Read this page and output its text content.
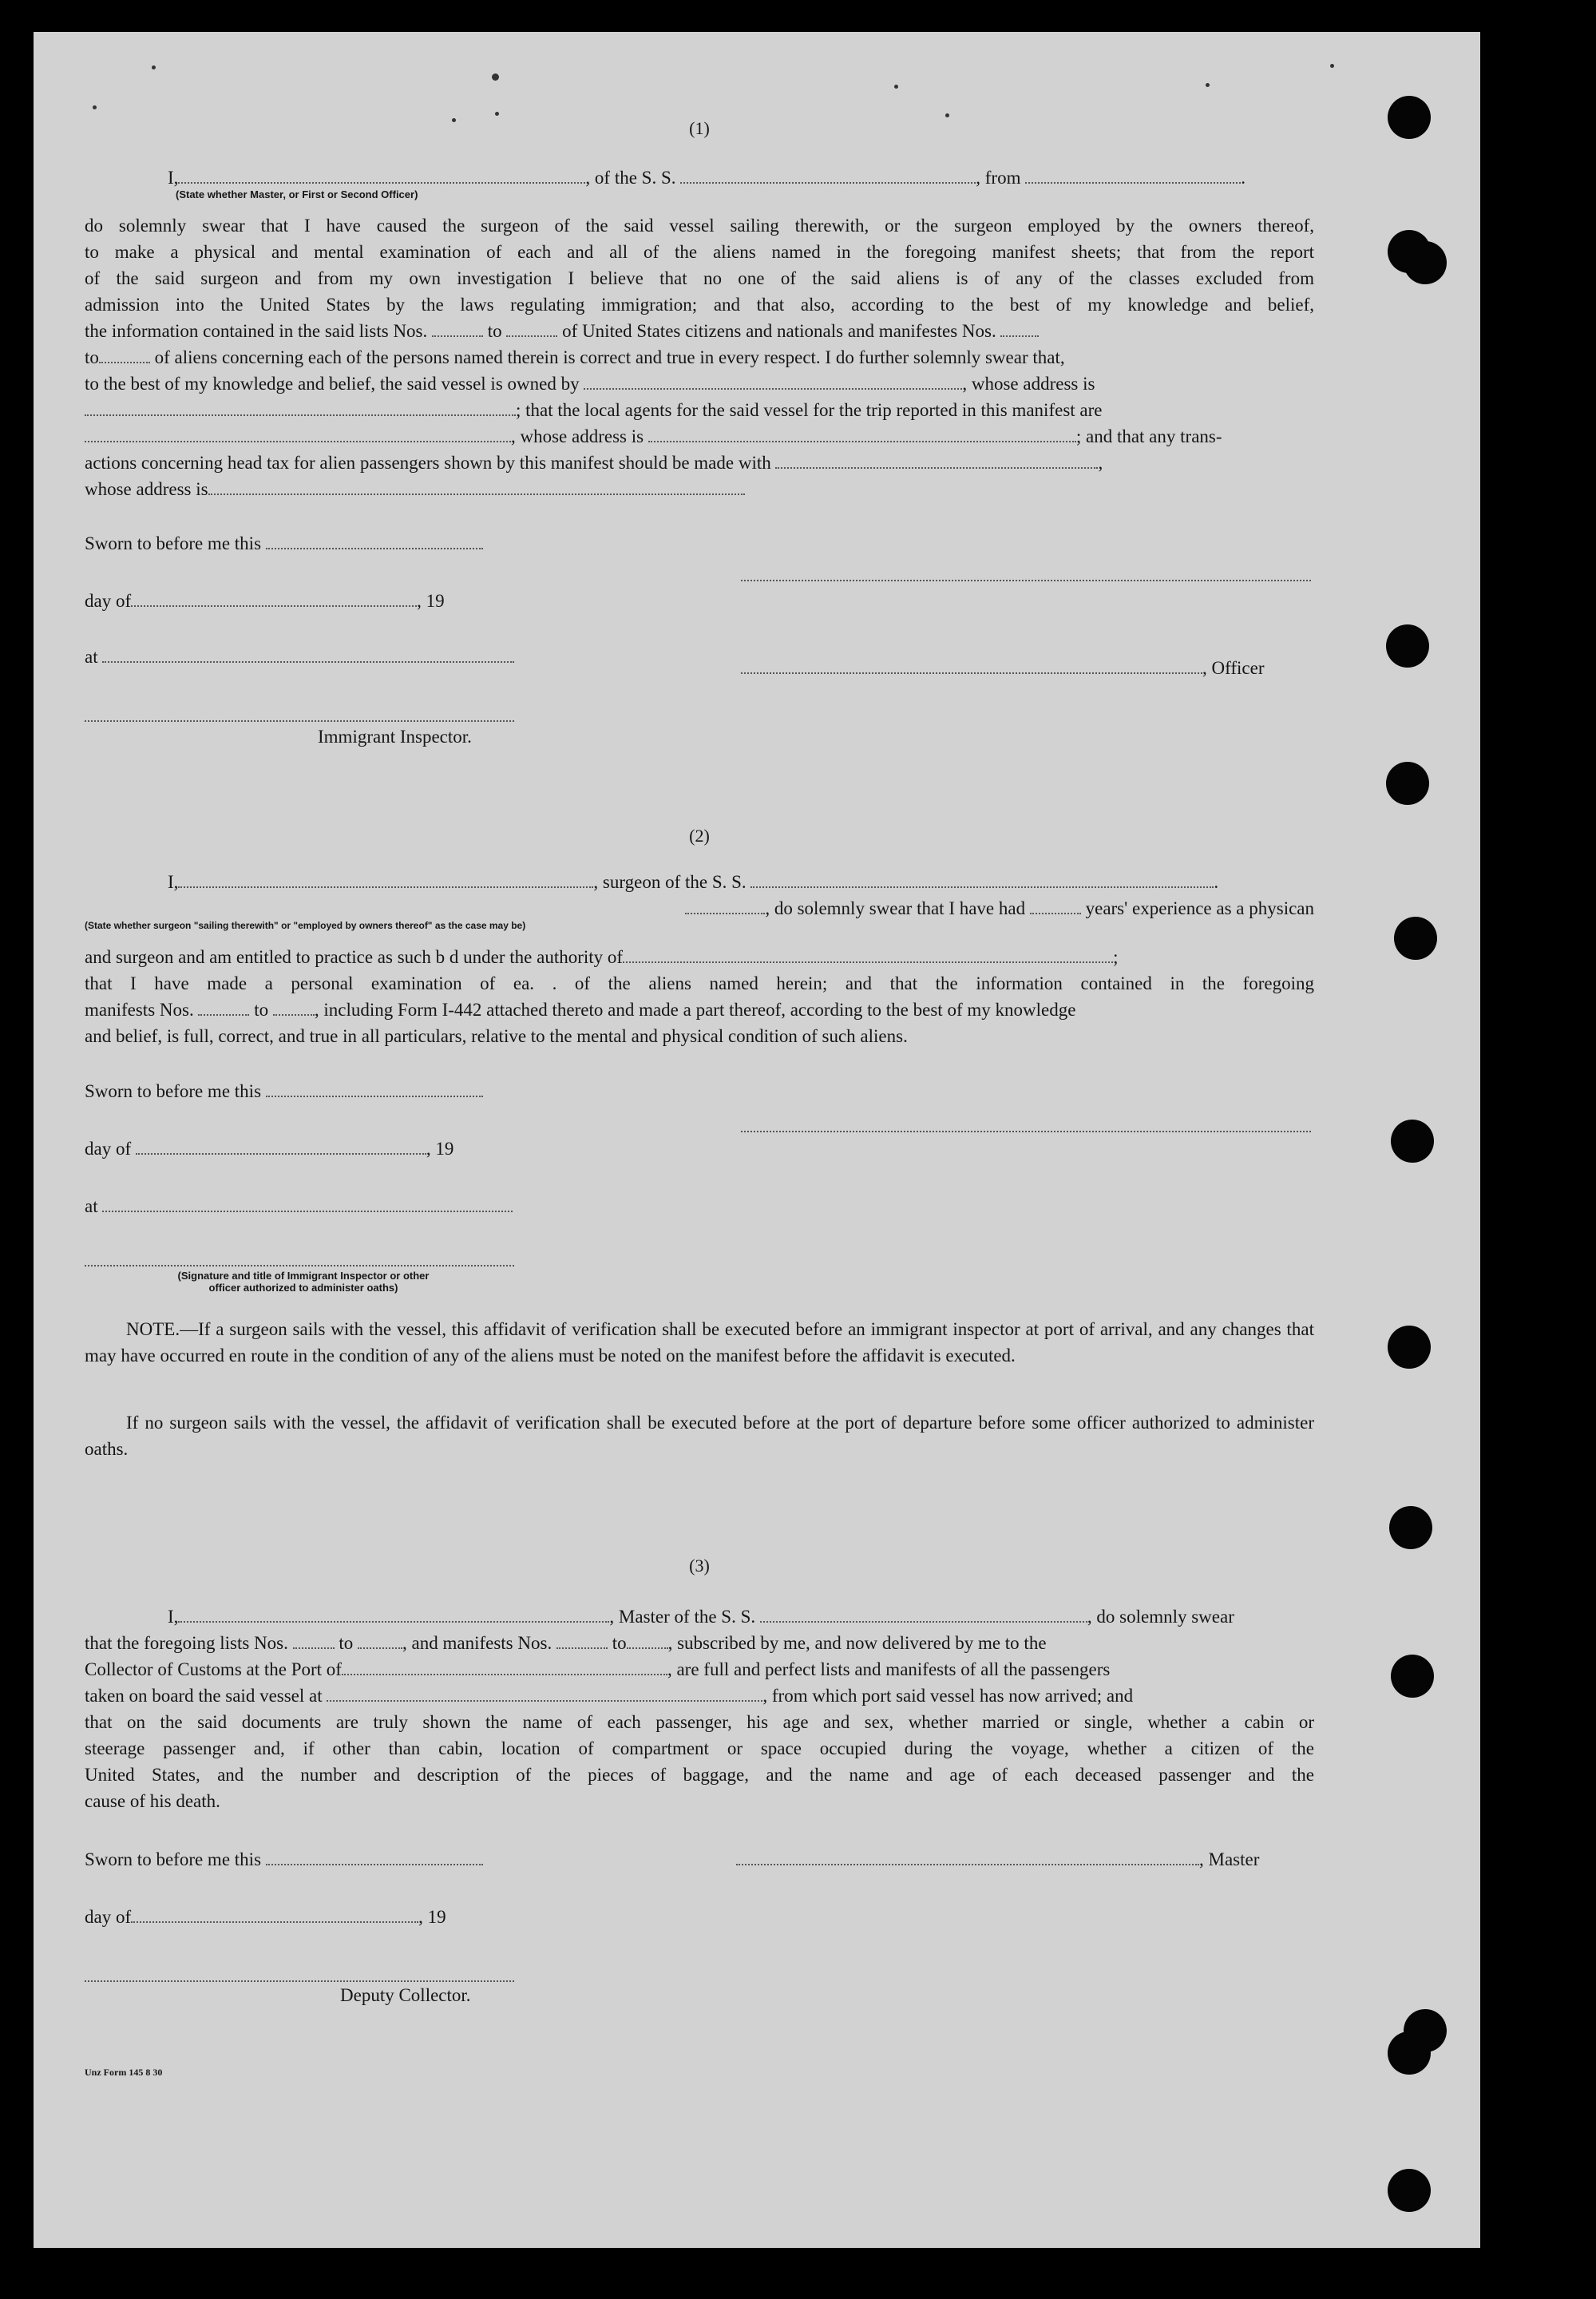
(1)
I,	, of the S. S.	, from	.
(State whether Master, or First or Second Officer)
do solemnly swear that I have caused the surgeon of the said vessel sailing therewith, or the surgeon employed by the owners thereof,
to make a physical and mental examination of each and all of the aliens named in the foregoing manifest sheets; that from the report
of the said surgeon and from my own investigation I believe that no one of the said aliens is of any of the classes excluded from
admission into the United States by the laws regulating immigration; and that also, according to the best of my knowledge and belief,
the information contained in the said lists Nos.	to	of United States citizens and nationals and manifestes Nos.
to	of aliens concerning each of the persons named therein is correct and true in every respect. I do further solemnly swear that,
to the best of my knowledge and belief, the said vessel is owned by	, whose address is
; that the local agents for the said vessel for the trip reported in this manifest are
, whose address is	; and that any trans-
actions concerning head tax for alien passengers shown by this manifest should be made with	,
whose address is
Sworn to before me this
day of	, 19
at
, Officer
Immigrant Inspector.
(2)
I,	, surgeon of the S. S.	.
, do solemnly swear that I have had	years' experience as a physican
(State whether surgeon "sailing therewith" or "employed by owners thereof" as the case may be)
and surgeon and am entitled to practice as such b d under the authority of	;
that I have made a personal examination of ea. . of the aliens named herein; and that the information contained in the foregoing
manifests Nos.	to	, including Form I-442 attached thereto and made a part thereof, according to the best of my knowledge
and belief, is full, correct, and true in all particulars, relative to the mental and physical condition of such aliens.
Sworn to before me this
day of	, 19
at
(Signature and title of Immigrant Inspector or other
officer authorized to administer oaths)
NOTE.—If a surgeon sails with the vessel, this affidavit of verification shall be executed before an immigrant inspector at port of arrival, and any changes that may have occurred en route in the condition of any of the aliens must be noted on the manifest before the affidavit is executed.
If no surgeon sails with the vessel, the affidavit of verification shall be executed before at the port of departure before some officer authorized to administer oaths.
(3)
I,	, Master of the S. S.	, do solemnly swear
that the foregoing lists Nos.	to	, and manifests Nos.	to , subscribed by me, and now delivered by me to the
Collector of Customs at the Port of	, are full and perfect lists and manifests of all the passengers
taken on board the said vessel at	, from which port said vessel has now arrived; and
that on the said documents are truly shown the name of each passenger, his age and sex, whether married or single, whether a cabin or
steerage passenger and, if other than cabin, location of compartment or space occupied during the voyage, whether a citizen of the
United States, and the number and description of the pieces of baggage, and the name and age of each deceased passenger and the
cause of his death.
Sworn to before me this	, Master
day of	, 19
Deputy Collector.
Unz Form 145 8 30
